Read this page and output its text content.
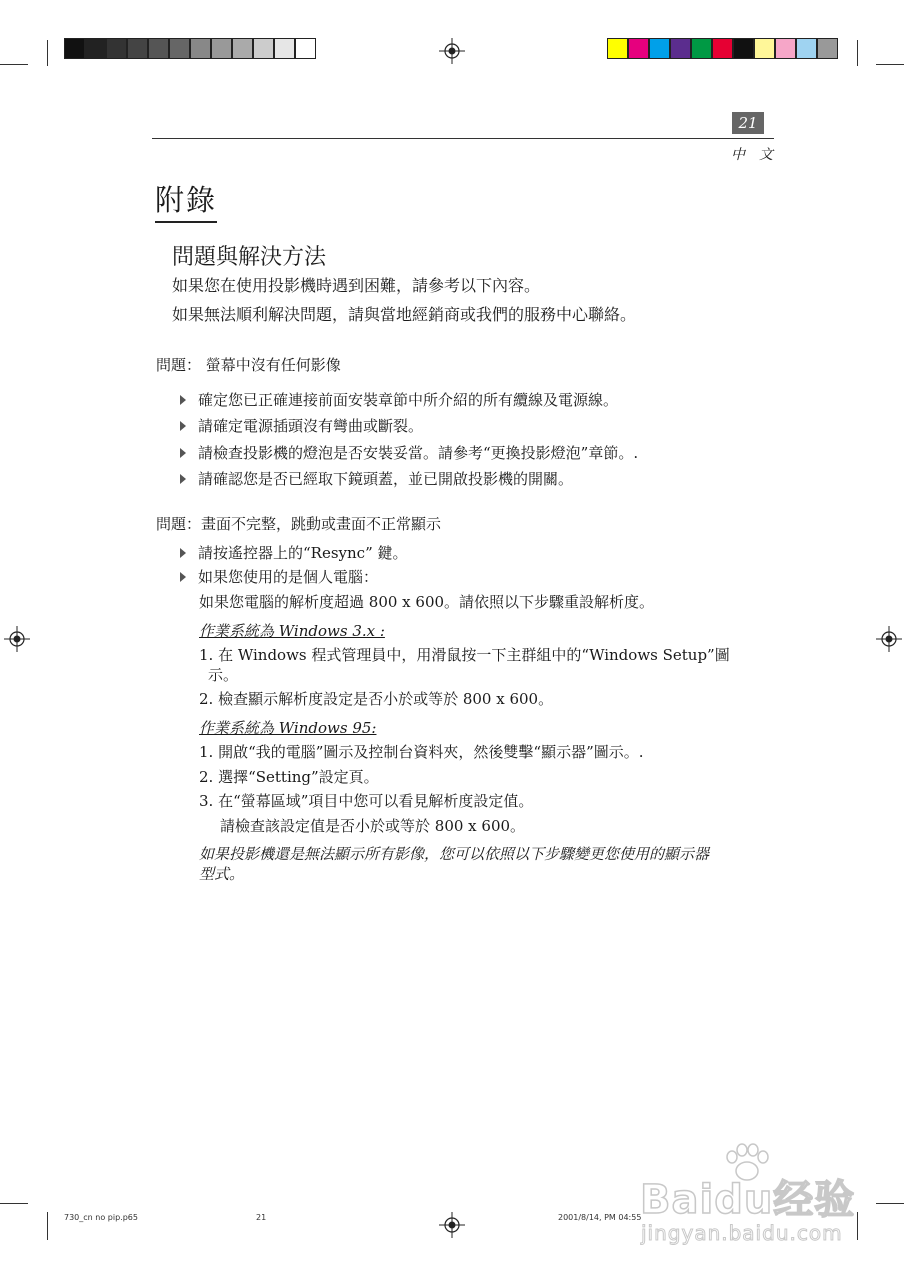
21
中文
附錄
問題與解決方法
如果您在使用投影機時遇到困難，請參考以下內容。
如果無法順利解決問題，請與當地經銷商或我們的服務中心聯絡。
問題： 螢幕中沒有任何影像
確定您已正確連接前面安裝章節中所介紹的所有纜線及電源線。
請確定電源插頭沒有彎曲或斷裂。
請檢查投影機的燈泡是否安裝妥當。請參考“更換投影燈泡”章節。.
請確認您是否已經取下鏡頭蓋，並已開啟投影機的開關。
問題：畫面不完整，跳動或畫面不正常顯示
請按遙控器上的“Resync” 鍵。
如果您使用的是個人電腦：
如果您電腦的解析度超過 800 x 600。請依照以下步驟重設解析度。
作業系統為 Windows 3.x :
1. 在 Windows 程式管理員中，用滑鼠按一下主群組中的“Windows Setup”圖
示。
2. 檢查顯示解析度設定是否小於或等於 800 x 600。
作業系統為 Windows 95:
1. 開啟“我的電腦”圖示及控制台資料夾，然後雙擊“顯示器”圖示。.
2. 選擇“Setting”設定頁。
3. 在“螢幕區域”項目中您可以看見解析度設定值。
請檢查該設定值是否小於或等於 800 x 600。
如果投影機還是無法顯示所有影像，您可以依照以下步驟變更您使用的顯示器
型式。
730_cn no pip.p65	21	2001/8/14, PM 04:55
Baidu经验
jingyan.baidu.com
